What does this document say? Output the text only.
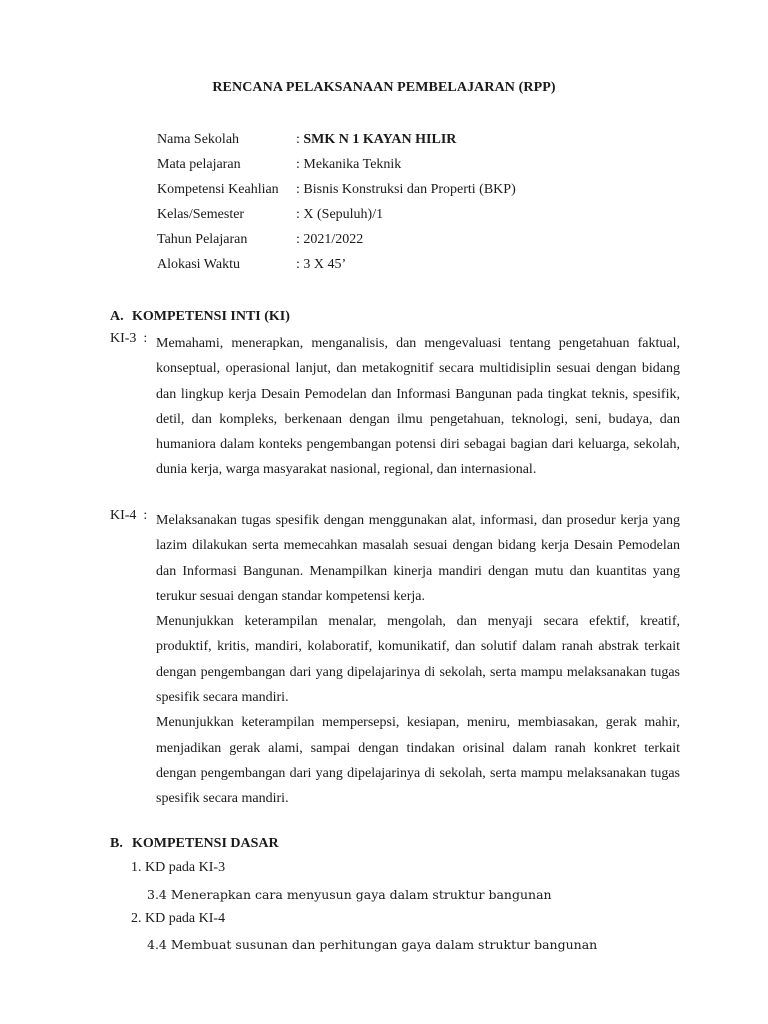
RENCANA PELAKSANAAN PEMBELAJARAN (RPP)
Nama Sekolah	: SMK N 1 KAYAN HILIR
Mata pelajaran	: Mekanika Teknik
Kompetensi Keahlian : Bisnis Konstruksi dan Properti (BKP)
Kelas/Semester	: X (Sepuluh)/1
Tahun Pelajaran	: 2021/2022
Alokasi Waktu	: 3 X 45’
A. KOMPETENSI INTI (KI)
KI-3  : Memahami, menerapkan, menganalisis, dan mengevaluasi tentang pengetahuan faktual, konseptual, operasional lanjut, dan metakognitif secara multidisiplin sesuai dengan bidang dan lingkup kerja Desain Pemodelan dan Informasi Bangunan pada tingkat teknis, spesifik, detil, dan kompleks, berkenaan dengan ilmu pengetahuan, teknologi, seni, budaya, dan humaniora dalam konteks pengembangan potensi diri sebagai bagian dari keluarga, sekolah, dunia kerja, warga masyarakat nasional, regional, dan internasional.

KI-4  : Melaksanakan tugas spesifik dengan menggunakan alat, informasi, dan prosedur kerja yang lazim dilakukan serta memecahkan masalah sesuai dengan bidang kerja Desain Pemodelan dan Informasi Bangunan. Menampilkan kinerja mandiri dengan mutu dan kuantitas yang terukur sesuai dengan standar kompetensi kerja.

Menunjukkan keterampilan menalar, mengolah, dan menyaji secara efektif, kreatif, produktif, kritis, mandiri, kolaboratif, komunikatif, dan solutif dalam ranah abstrak terkait dengan pengembangan dari yang dipelajarinya di sekolah, serta mampu melaksanakan tugas spesifik secara mandiri.

Menunjukkan keterampilan mempersepsi, kesiapan, meniru, membiasakan, gerak mahir, menjadikan gerak alami, sampai dengan tindakan orisinal dalam ranah konkret terkait dengan pengembangan dari yang dipelajarinya di sekolah, serta mampu melaksanakan tugas spesifik secara mandiri.

B. KOMPETENSI DASAR
1. KD pada KI-3
3.4 Menerapkan cara menyusun gaya dalam struktur bangunan
2. KD pada KI-4
4.4 Membuat susunan dan perhitungan gaya dalam struktur bangunan
